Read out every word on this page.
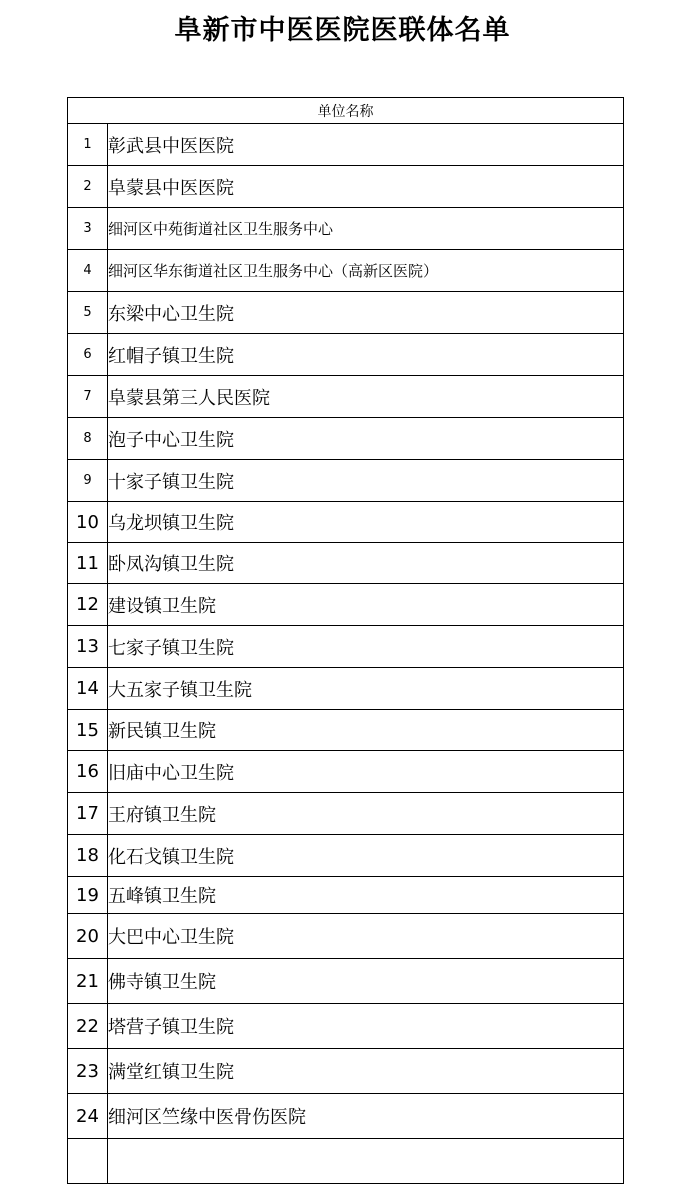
阜新市中医医院医联体名单
单位名称	
1	彰武县中医医院
2	阜蒙县中医医院
3	细河区中苑街道社区卫生服务中心
4	细河区华东街道社区卫生服务中心（高新区医院）
5	东梁中心卫生院
6	红帽子镇卫生院
7	阜蒙县第三人民医院
8	泡子中心卫生院
9	十家子镇卫生院
10	乌龙坝镇卫生院
11	卧凤沟镇卫生院
12	建设镇卫生院
13	七家子镇卫生院
14	大五家子镇卫生院
15	新民镇卫生院
16	旧庙中心卫生院
17	王府镇卫生院
18	化石戈镇卫生院
19	五峰镇卫生院
20	大巴中心卫生院
21	佛寺镇卫生院
22	塔营子镇卫生院
23	满堂红镇卫生院
24	细河区竺缘中医骨伤医院
